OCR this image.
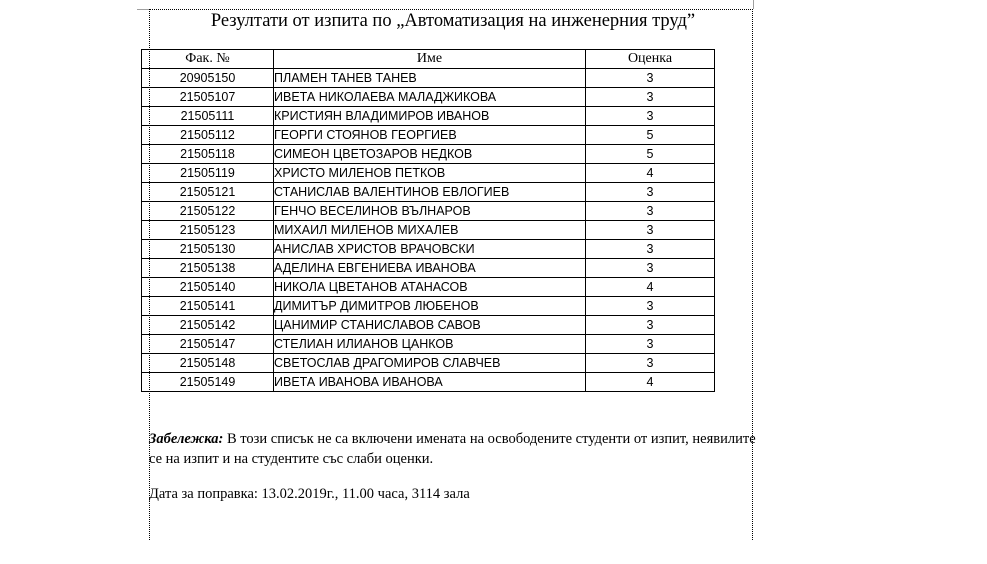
Резултати от изпита по „Автоматизация на инженерния труд”
Фак. №	Име	Оценка
20905150	ПЛАМЕН ТАНЕВ ТАНЕВ	3
21505107	ИВЕТА НИКОЛАЕВА МАЛАДЖИКОВА	3
21505111	КРИСТИЯН ВЛАДИМИРОВ ИВАНОВ	3
21505112	ГЕОРГИ СТОЯНОВ ГЕОРГИЕВ	5
21505118	СИМЕОН ЦВЕТОЗАРОВ НЕДКОВ	5
21505119	ХРИСТО МИЛЕНОВ ПЕТКОВ	4
21505121	СТАНИСЛАВ ВАЛЕНТИНОВ ЕВЛОГИЕВ	3
21505122	ГЕНЧО ВЕСЕЛИНОВ ВЪЛНАРОВ	3
21505123	МИХАИЛ МИЛЕНОВ МИХАЛЕВ	3
21505130	АНИСЛАВ ХРИСТОВ ВРАЧОВСКИ	3
21505138	АДЕЛИНА ЕВГЕНИЕВА ИВАНОВА	3
21505140	НИКОЛА ЦВЕТАНОВ АТАНАСОВ	4
21505141	ДИМИТЪР ДИМИТРОВ ЛЮБЕНОВ	3
21505142	ЦАНИМИР СТАНИСЛАВОВ САВОВ	3
21505147	СТЕЛИАН ИЛИАНОВ ЦАНКОВ	3
21505148	СВЕТОСЛАВ ДРАГОМИРОВ СЛАВЧЕВ	3
21505149	ИВЕТА ИВАНОВА ИВАНОВА	4
Забележка: В този списък не са включени имената на освободените студенти от изпит, неявилите се на изпит и на студентите със слаби оценки.
Дата за поправка: 13.02.2019г., 11.00 часа, 3114 зала
